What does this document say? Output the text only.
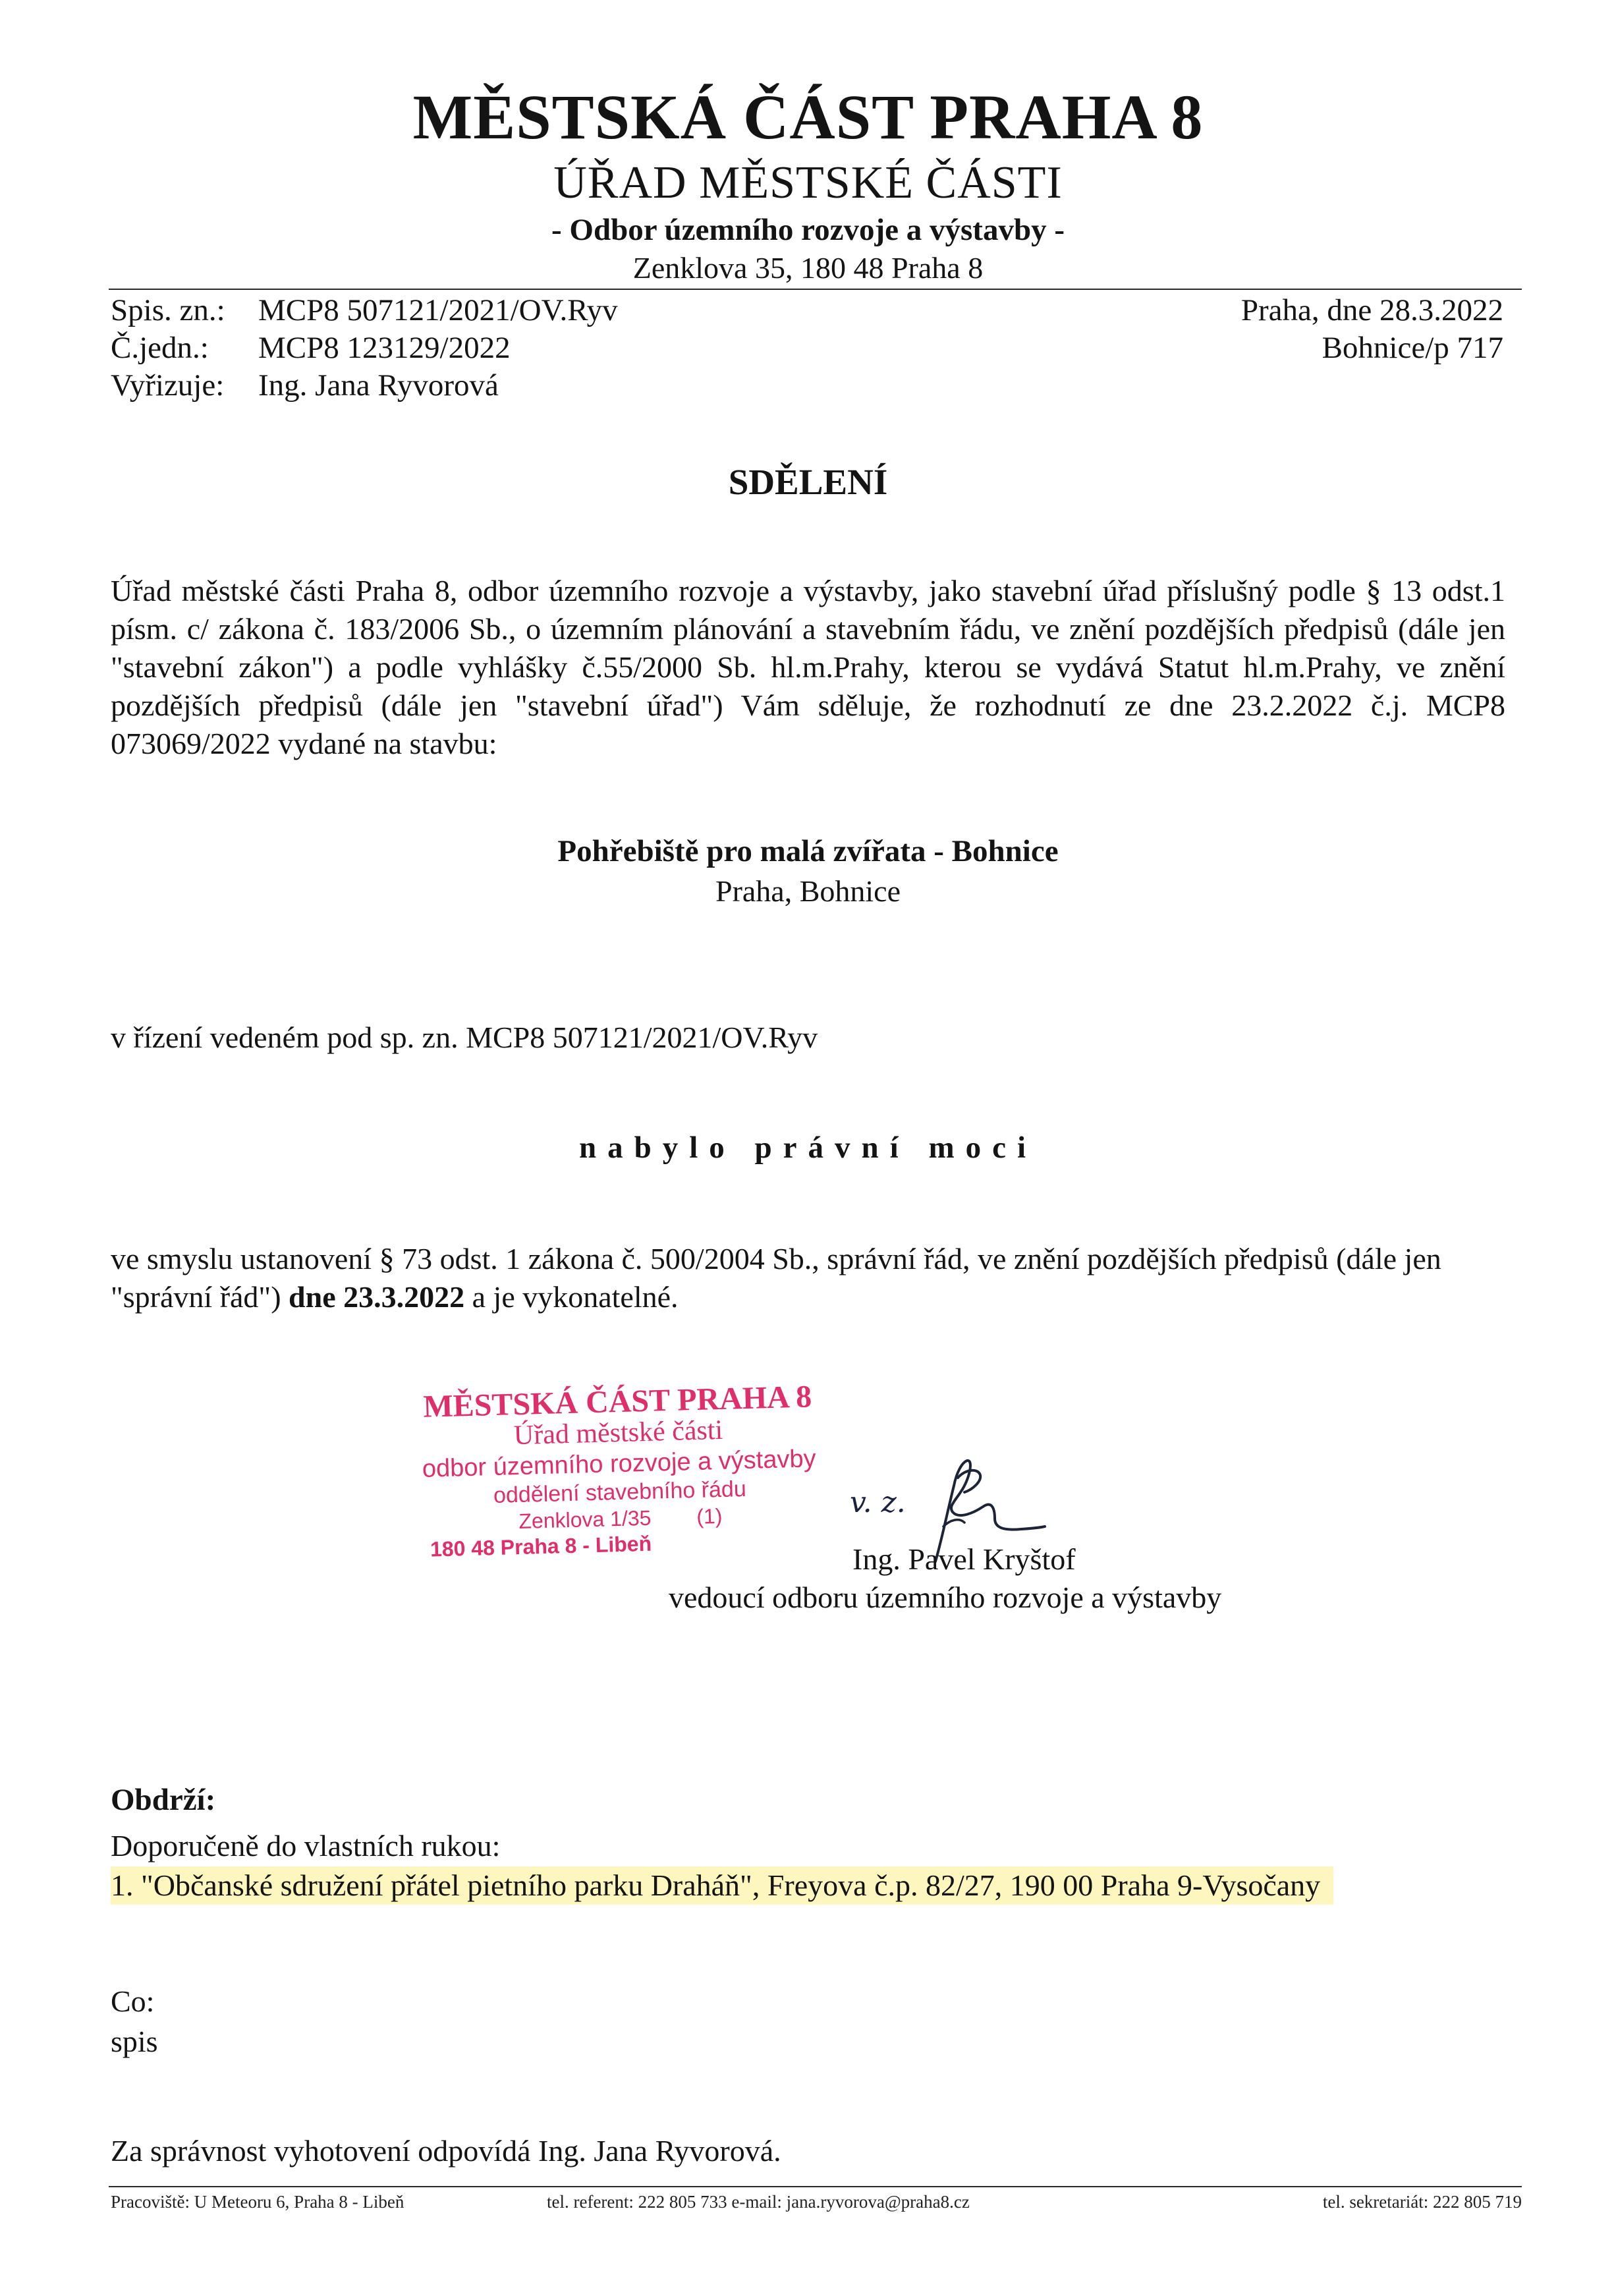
MĚSTSKÁ ČÁST PRAHA 8
ÚŘAD MĚSTSKÉ ČÁSTI
- Odbor územního rozvoje a výstavby -
Zenklova 35, 180 48 Praha 8
Spis. zn.: MCP8 507121/2021/OV.Ryv
Č.jedn.: MCP8 123129/2022
Vyřizuje: Ing. Jana Ryvorová
Praha, dne 28.3.2022
Bohnice/p 717
SDĚLENÍ
Úřad městské části Praha 8, odbor územního rozvoje a výstavby, jako stavební úřad příslušný podle § 13 odst.1 písm. c/ zákona č. 183/2006 Sb., o územním plánování a stavebním řádu, ve znění pozdějších předpisů (dále jen "stavební zákon") a podle vyhlášky č.55/2000 Sb. hl.m.Prahy, kterou se vydává Statut hl.m.Prahy, ve znění pozdějších předpisů (dále jen "stavební úřad") Vám sděluje, že rozhodnutí ze dne 23.2.2022 č.j. MCP8 073069/2022 vydané na stavbu:
Pohřebiště pro malá zvířata - Bohnice
Praha, Bohnice
v řízení vedeném pod sp. zn. MCP8 507121/2021/OV.Ryv
nabylo právní moci
ve smyslu ustanovení § 73 odst. 1 zákona č. 500/2004 Sb., správní řád, ve znění pozdějších předpisů (dále jen "správní řád") dne 23.3.2022 a je vykonatelné.
MĚSTSKÁ ČÁST PRAHA 8
Úřad městské části
odbor územního rozvoje a výstavby
oddělení stavebního řádu
Zenklova 1/35 (1)
180 48 Praha 8 - Libeň
v. z.
Ing. Pavel Kryštof
vedoucí odboru územního rozvoje a výstavby
Obdrží:
Doporučeně do vlastních rukou:
1. "Občanské sdružení přátel pietního parku Draháň", Freyova č.p. 82/27, 190 00 Praha 9-Vysočany
Co:
spis
Za správnost vyhotovení odpovídá Ing. Jana Ryvorová.
Pracoviště: U Meteoru 6, Praha 8 - Libeň	tel. referent: 222 805 733 e-mail: jana.ryvorova@praha8.cz	tel. sekretariát: 222 805 719
